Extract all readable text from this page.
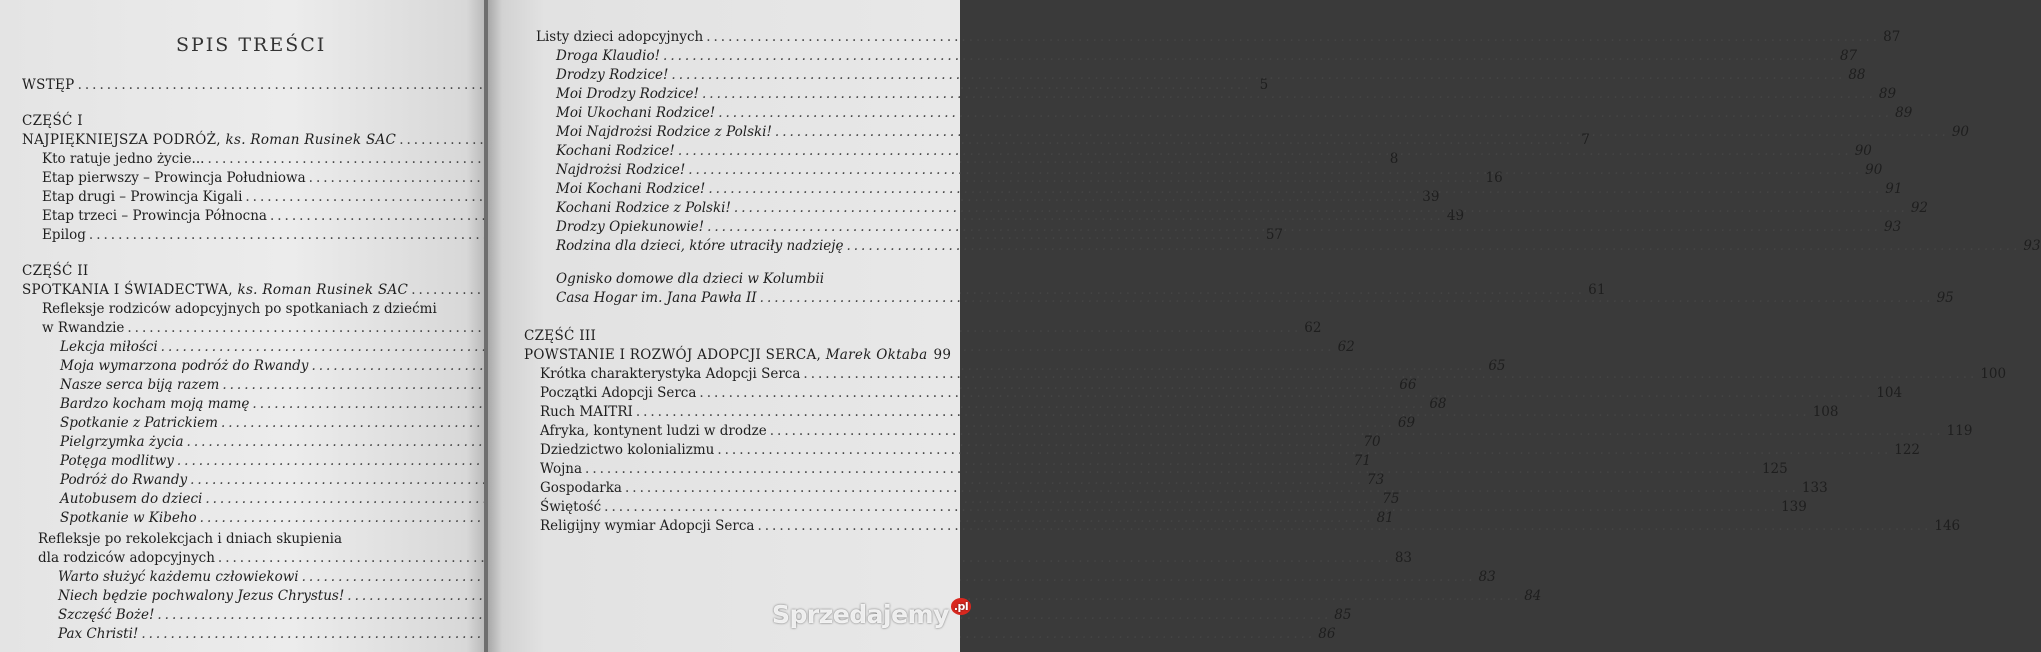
SPIS TREŚCI
WSTĘP .....	5
CZĘŚĆ I
NAJPIĘKNIEJSZA PODRÓŻ,
ks. Roman Rusinek SAC .....	7
Kto ratuje jedno życie... .....	8
Etap pierwszy – Prowincja Południowa .....	16
Etap drugi – Prowincja Kigali .....	39
Etap trzeci – Prowincja Północna .....	49
Epilog .....	57
CZĘŚĆ II
SPOTKANIA I ŚWIADECTWA,
ks. Roman Rusinek SAC .....	61
Refleksje rodziców adopcyjnych po spotkaniach z dziećmi
w Rwandzie .....	62
Lekcja miłości .....	62
Moja wymarzona podróż do Rwandy .....	65
Nasze serca biją razem .....	66
Bardzo kocham moją mamę .....	68
Spotkanie z Patrickiem .....	69
Pielgrzymka życia .....	70
Potęga modlitwy .....	71
Podróż do Rwandy .....	73
Autobusem do dzieci .....	75
Spotkanie w Kibeho .....	81
Refleksje po rekolekcjach i dniach skupienia
dla rodziców adopcyjnych .....	83
Warto służyć każdemu człowiekowi .....	83
Niech będzie pochwalony Jezus Chrystus! .....	84
Szczęść Boże! .....	85
Pax Christi! .....	86
Listy dzieci adopcyjnych .....	87
Droga Klaudio! .....	87
Drodzy Rodzice! .....	88
Moi Drodzy Rodzice! .....	89
Moi Ukochani Rodzice! .....	89
Moi Najdrożsi Rodzice z Polski! .....	90
Kochani Rodzice! .....	90
Najdrożsi Rodzice! .....	90
Moi Kochani Rodzice! .....	91
Kochani Rodzice z Polski! .....	92
Drodzy Opiekunowie! .....	93
Rodzina dla dzieci, które utraciły nadzieję .....	93
Ognisko domowe dla dzieci w Kolumbii
Casa Hogar im. Jana Pawła II .....	95
CZĘŚĆ III
POWSTANIE I ROZWÓJ ADOPCJI SERCA,
Marek Oktaba 99
Krótka charakterystyka Adopcji Serca .....	100
Początki Adopcji Serca .....	104
Ruch MAITRI .....	108
Afryka, kontynent ludzi w drodze .....	119
Dziedzictwo kolonializmu .....	122
Wojna .....	125
Gospodarka .....	133
Świętość .....	139
Religijny wymiar Adopcji Serca .....	146
Sprzedajemy $^{.pl}$
